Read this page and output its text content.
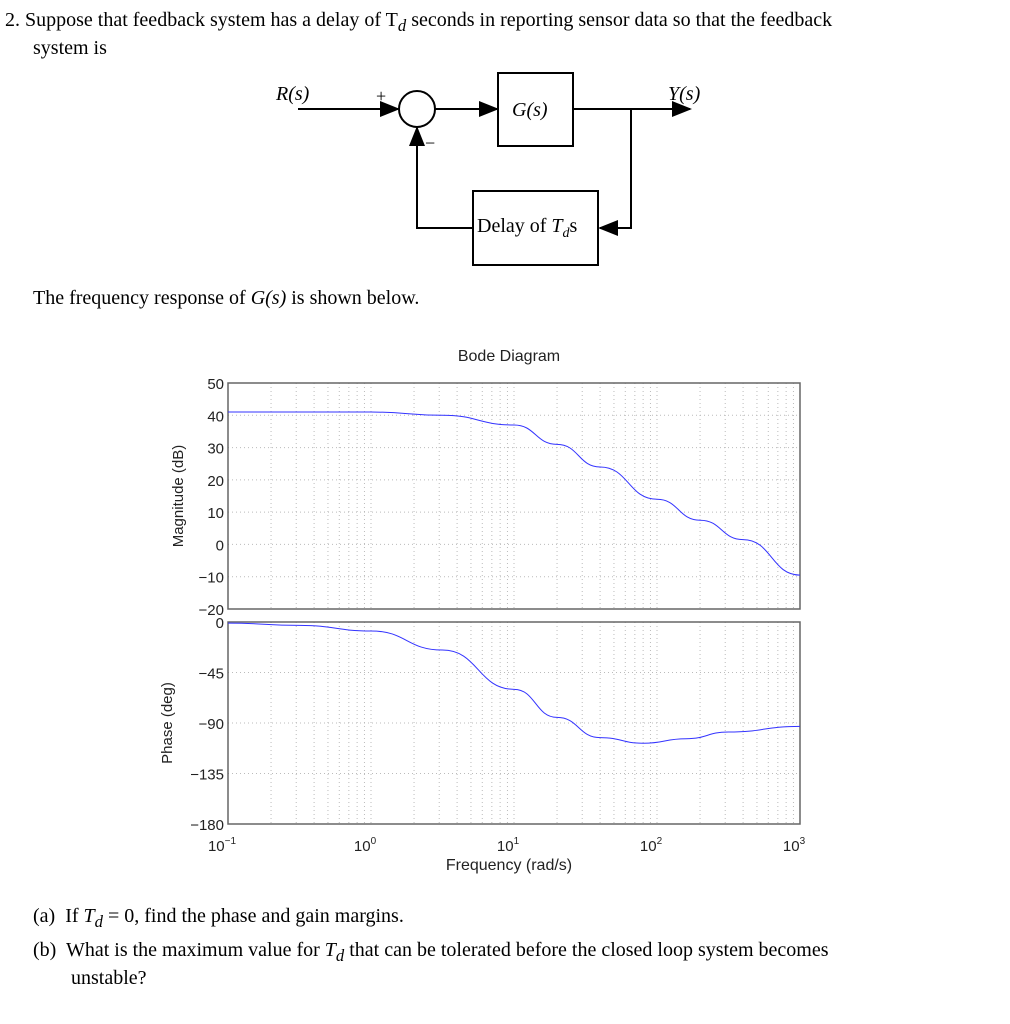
2. Suppose that feedback system has a delay of $T_d$ seconds in reporting sensor data so that the feedback
system is
R(s)	Y(s)
G(s)
+
−
Delay of $T_ds$
The frequency response of G(s) is shown below.
Bode Diagram
50
40
30
20
10
0
−10
−20
Magnitude (dB)
0
−45
−90
−135
−180
Phase (deg)
$10^{-1}$	$10^0$	$10^1$	$10^2$	$10^3$
Frequency (rad/s)
(a) If $T_d = 0$, find the phase and gain margins.
(b) What is the maximum value for $T_d$ that can be tolerated before the closed loop system becomes
unstable?
